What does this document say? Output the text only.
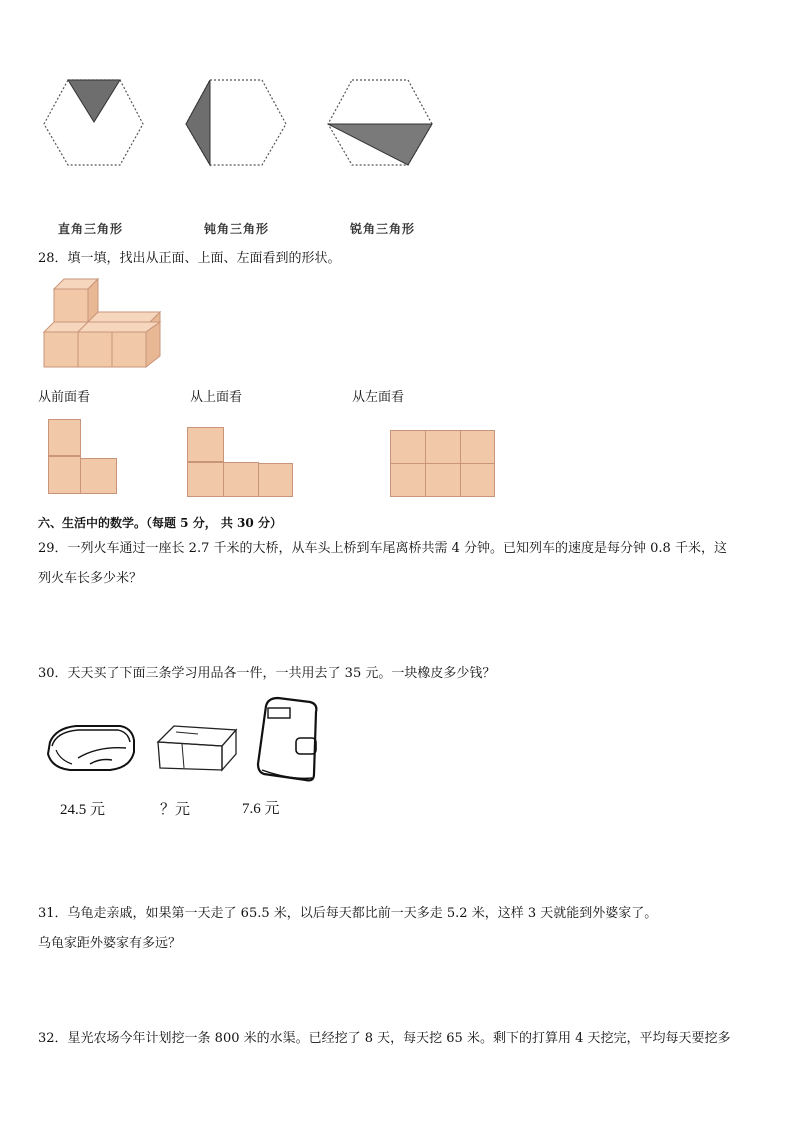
直角三角形	钝角三角形	锐角三角形
28．填一填，找出从正面、上面、左面看到的形状。
从前面看	从上面看	从左面看
六、生活中的数学。（每题 5 分， 共 30 分）
29．一列火车通过一座长 2.7 千米的大桥，从车头上桥到车尾离桥共需 4 分钟。已知列车的速度是每分钟 0.8 千米，这
列火车长多少米？
30．天天买了下面三条学习用品各一件，一共用去了 35 元。一块橡皮多少钱？
24.5 元	？元	7.6 元
31．乌龟走亲戚，如果第一天走了 65.5 米，以后每天都比前一天多走 5.2 米，这样 3 天就能到外婆家了。
乌龟家距外婆家有多远？
32．星光农场今年计划挖一条 800 米的水渠。已经挖了 8 天，每天挖 65 米。剩下的打算用 4 天挖完，平均每天要挖多
